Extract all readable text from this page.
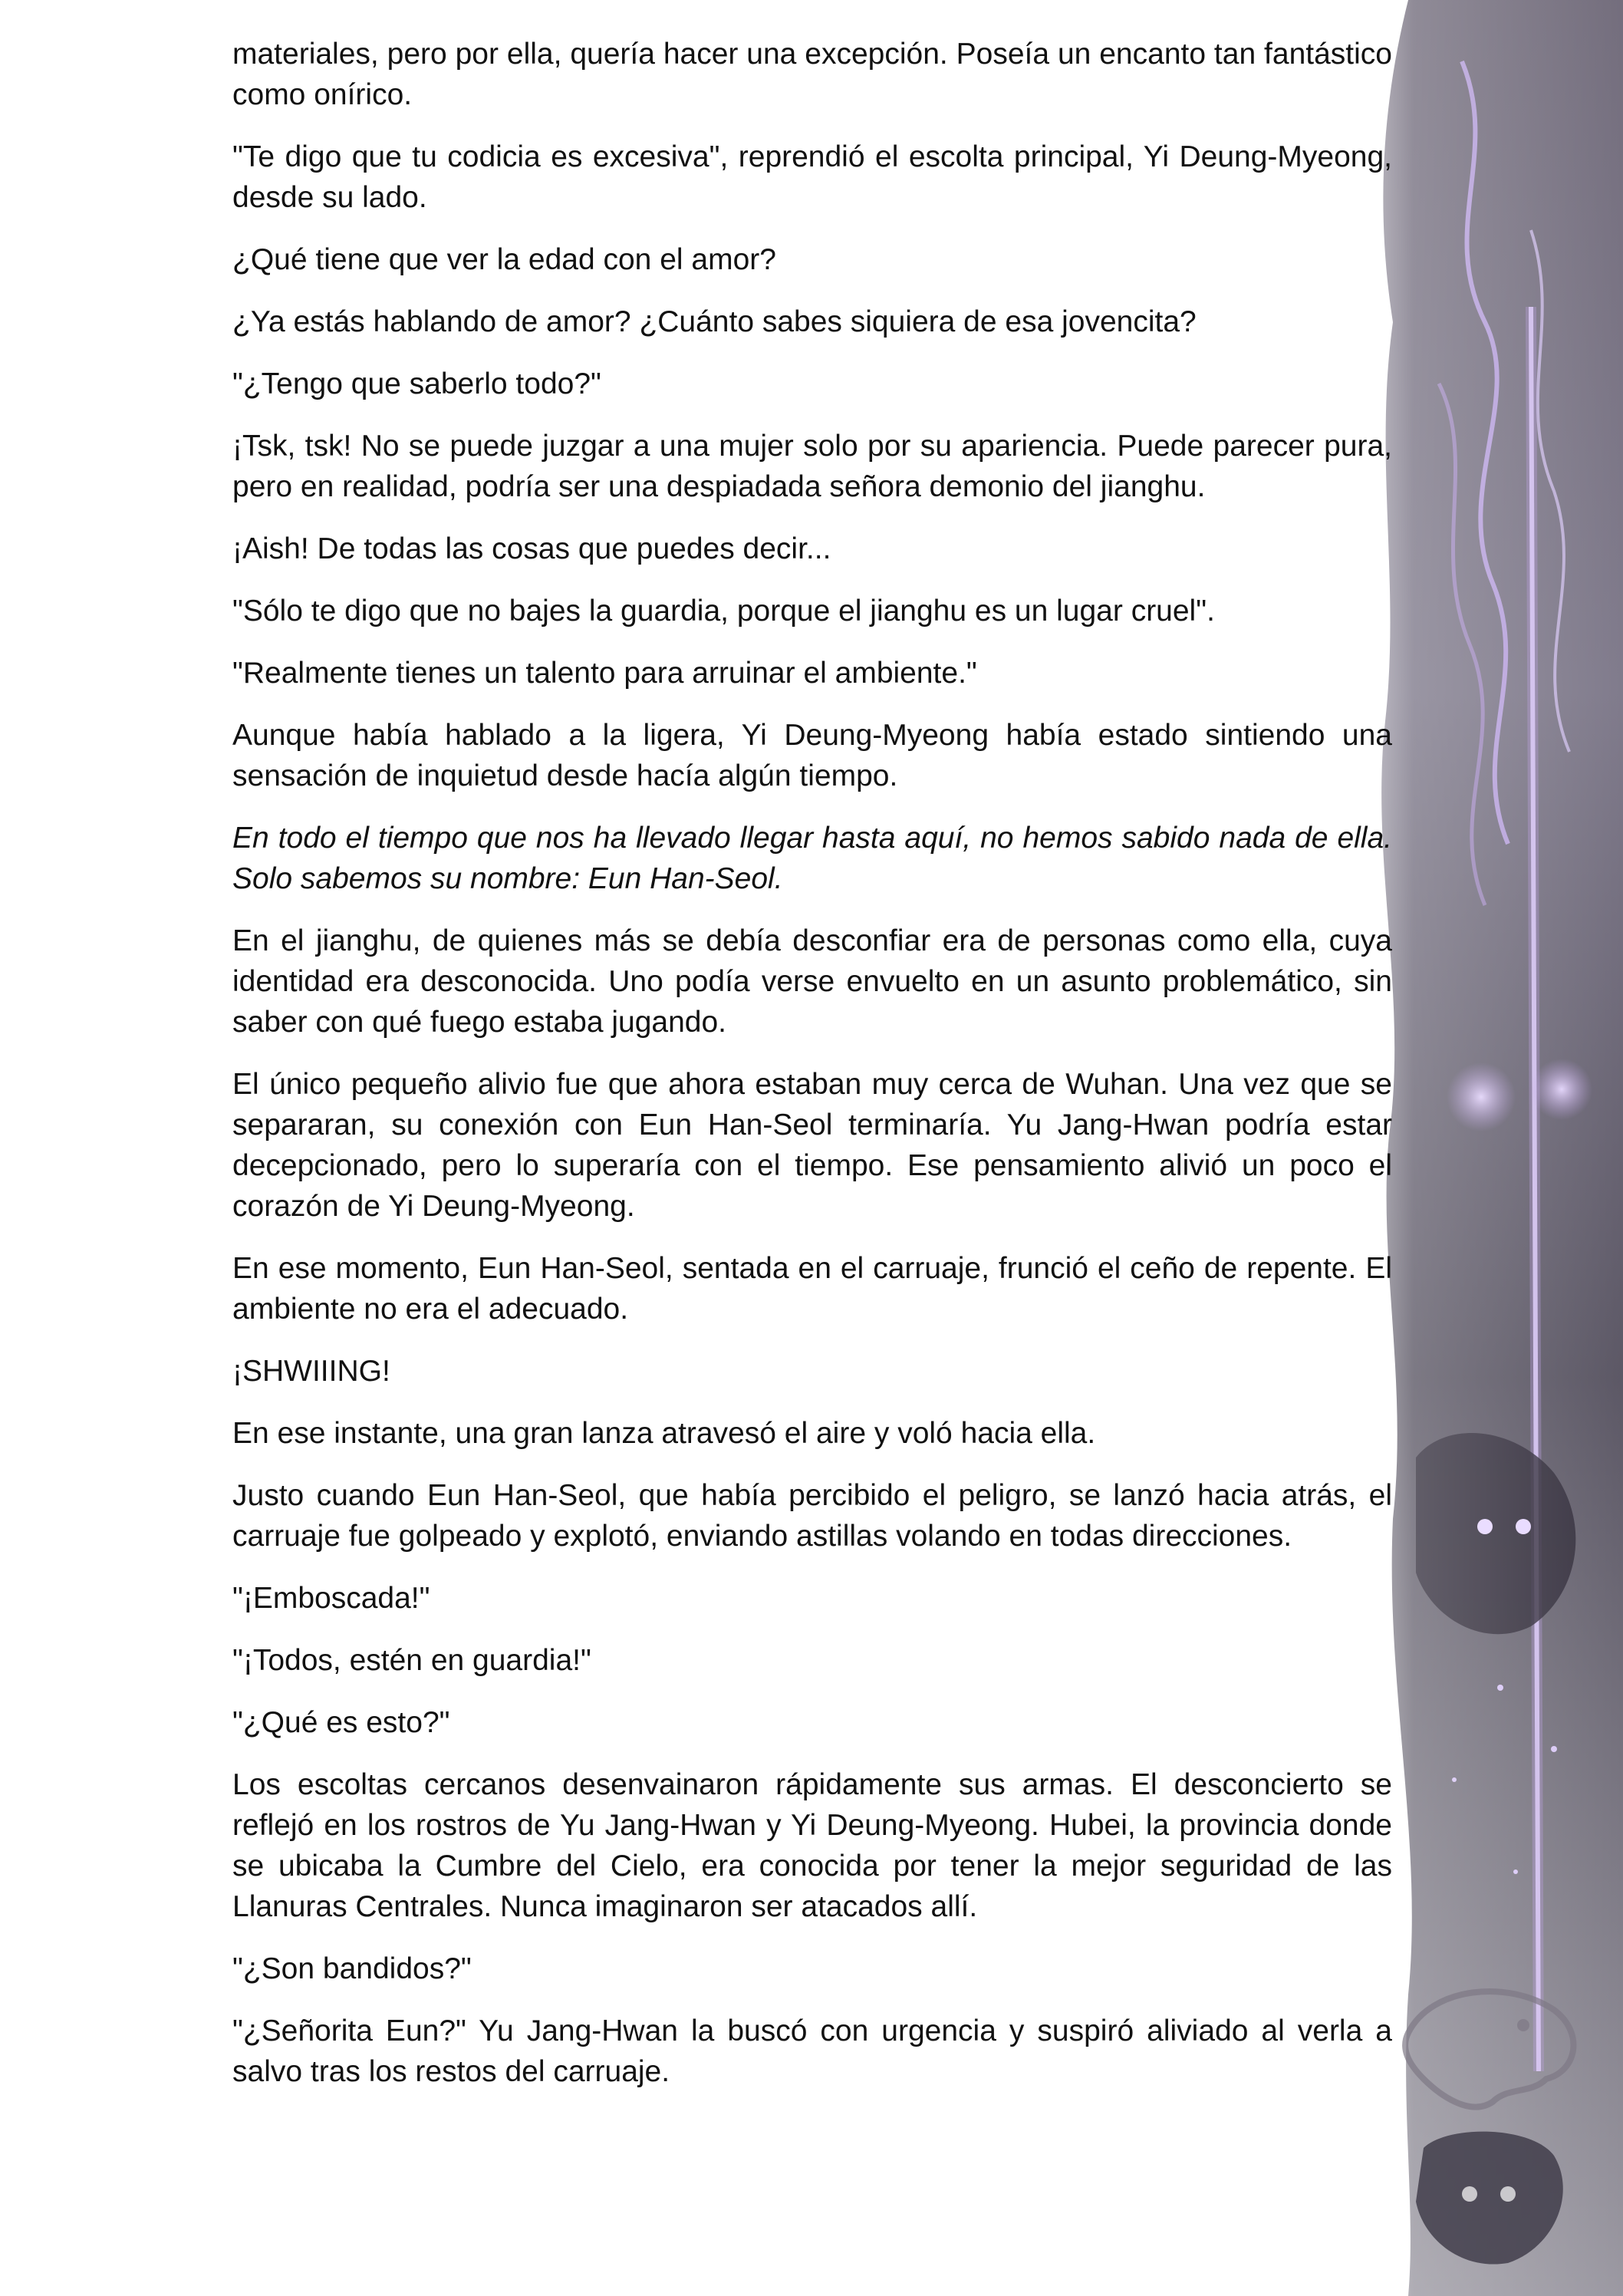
materiales, pero por ella, quería hacer una excepción. Poseía un encanto tan fantástico como onírico.

"Te digo que tu codicia es excesiva", reprendió el escolta principal, Yi Deung-Myeong, desde su lado.

¿Qué tiene que ver la edad con el amor?

¿Ya estás hablando de amor? ¿Cuánto sabes siquiera de esa jovencita?

"¿Tengo que saberlo todo?"

¡Tsk, tsk! No se puede juzgar a una mujer solo por su apariencia. Puede parecer pura, pero en realidad, podría ser una despiadada señora demonio del jianghu.

¡Aish! De todas las cosas que puedes decir...

"Sólo te digo que no bajes la guardia, porque el jianghu es un lugar cruel".

"Realmente tienes un talento para arruinar el ambiente."

Aunque había hablado a la ligera, Yi Deung-Myeong había estado sintiendo una sensación de inquietud desde hacía algún tiempo.

En todo el tiempo que nos ha llevado llegar hasta aquí, no hemos sabido nada de ella. Solo sabemos su nombre: Eun Han-Seol.

En el jianghu, de quienes más se debía desconfiar era de personas como ella, cuya identidad era desconocida. Uno podía verse envuelto en un asunto problemático, sin saber con qué fuego estaba jugando.

El único pequeño alivio fue que ahora estaban muy cerca de Wuhan. Una vez que se separaran, su conexión con Eun Han-Seol terminaría. Yu Jang-Hwan podría estar decepcionado, pero lo superaría con el tiempo. Ese pensamiento alivió un poco el corazón de Yi Deung-Myeong.

En ese momento, Eun Han-Seol, sentada en el carruaje, frunció el ceño de repente. El ambiente no era el adecuado.

¡SHWIIING!

En ese instante, una gran lanza atravesó el aire y voló hacia ella.

Justo cuando Eun Han-Seol, que había percibido el peligro, se lanzó hacia atrás, el carruaje fue golpeado y explotó, enviando astillas volando en todas direcciones.

"¡Emboscada!"

"¡Todos, estén en guardia!"

"¿Qué es esto?"

Los escoltas cercanos desenvainaron rápidamente sus armas. El desconcierto se reflejó en los rostros de Yu Jang-Hwan y Yi Deung-Myeong. Hubei, la provincia donde se ubicaba la Cumbre del Cielo, era conocida por tener la mejor seguridad de las Llanuras Centrales. Nunca imaginaron ser atacados allí.

"¿Son bandidos?"

"¿Señorita Eun?" Yu Jang-Hwan la buscó con urgencia y suspiró aliviado al verla a salvo tras los restos del carruaje.
